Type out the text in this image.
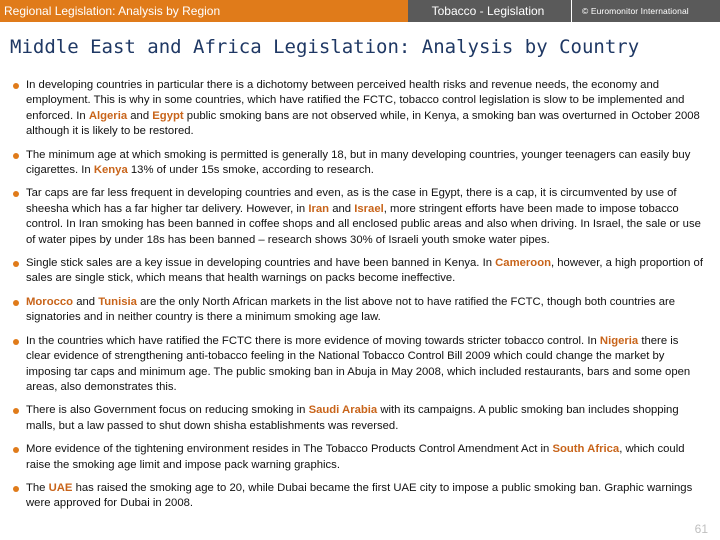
Regional Legislation: Analysis by Region	Tobacco - Legislation	© Euromonitor International
Middle East and Africa Legislation: Analysis by Country
In developing countries in particular there is a dichotomy between perceived health risks and revenue needs, the economy and employment. This is why in some countries, which have ratified the FCTC, tobacco control legislation is slow to be implemented and enforced. In Algeria and Egypt public smoking bans are not observed while, in Kenya, a smoking ban was overturned in October 2008 although it is likely to be restored.
The minimum age at which smoking is permitted is generally 18, but in many developing countries, younger teenagers can easily buy cigarettes. In Kenya 13% of under 15s smoke, according to research.
Tar caps are far less frequent in developing countries and even, as is the case in Egypt, there is a cap, it is circumvented by use of sheesha which has a far higher tar delivery. However, in Iran and Israel, more stringent efforts have been made to impose tobacco control. In Iran smoking has been banned in coffee shops and all enclosed public areas and also when driving. In Israel, the sale or use of water pipes by under 18s has been banned – research shows 30% of Israeli youth smoke water pipes.
Single stick sales are a key issue in developing countries and have been banned in Kenya. In Cameroon, however, a high proportion of sales are single stick, which means that health warnings on packs become ineffective.
Morocco and Tunisia are the only North African markets in the list above not to have ratified the FCTC, though both countries are signatories and in neither country is there a minimum smoking age law.
In the countries which have ratified the FCTC there is more evidence of moving towards stricter tobacco control. In Nigeria there is clear evidence of strengthening anti-tobacco feeling in the National Tobacco Control Bill 2009 which could change the market by imposing tar caps and minimum age. The public smoking ban in Abuja in May 2008, which included restaurants, bars and some open areas, also demonstrates this.
There is also Government focus on reducing smoking in Saudi Arabia with its campaigns. A public smoking ban includes shopping malls, but a law passed to shut down shisha establishments was reversed.
More evidence of the tightening environment resides in The Tobacco Products Control Amendment Act in South Africa, which could raise the smoking age limit and impose pack warning graphics.
The UAE has raised the smoking age to 20, while Dubai became the first UAE city to impose a public smoking ban. Graphic warnings were approved for Dubai in 2008.
61
